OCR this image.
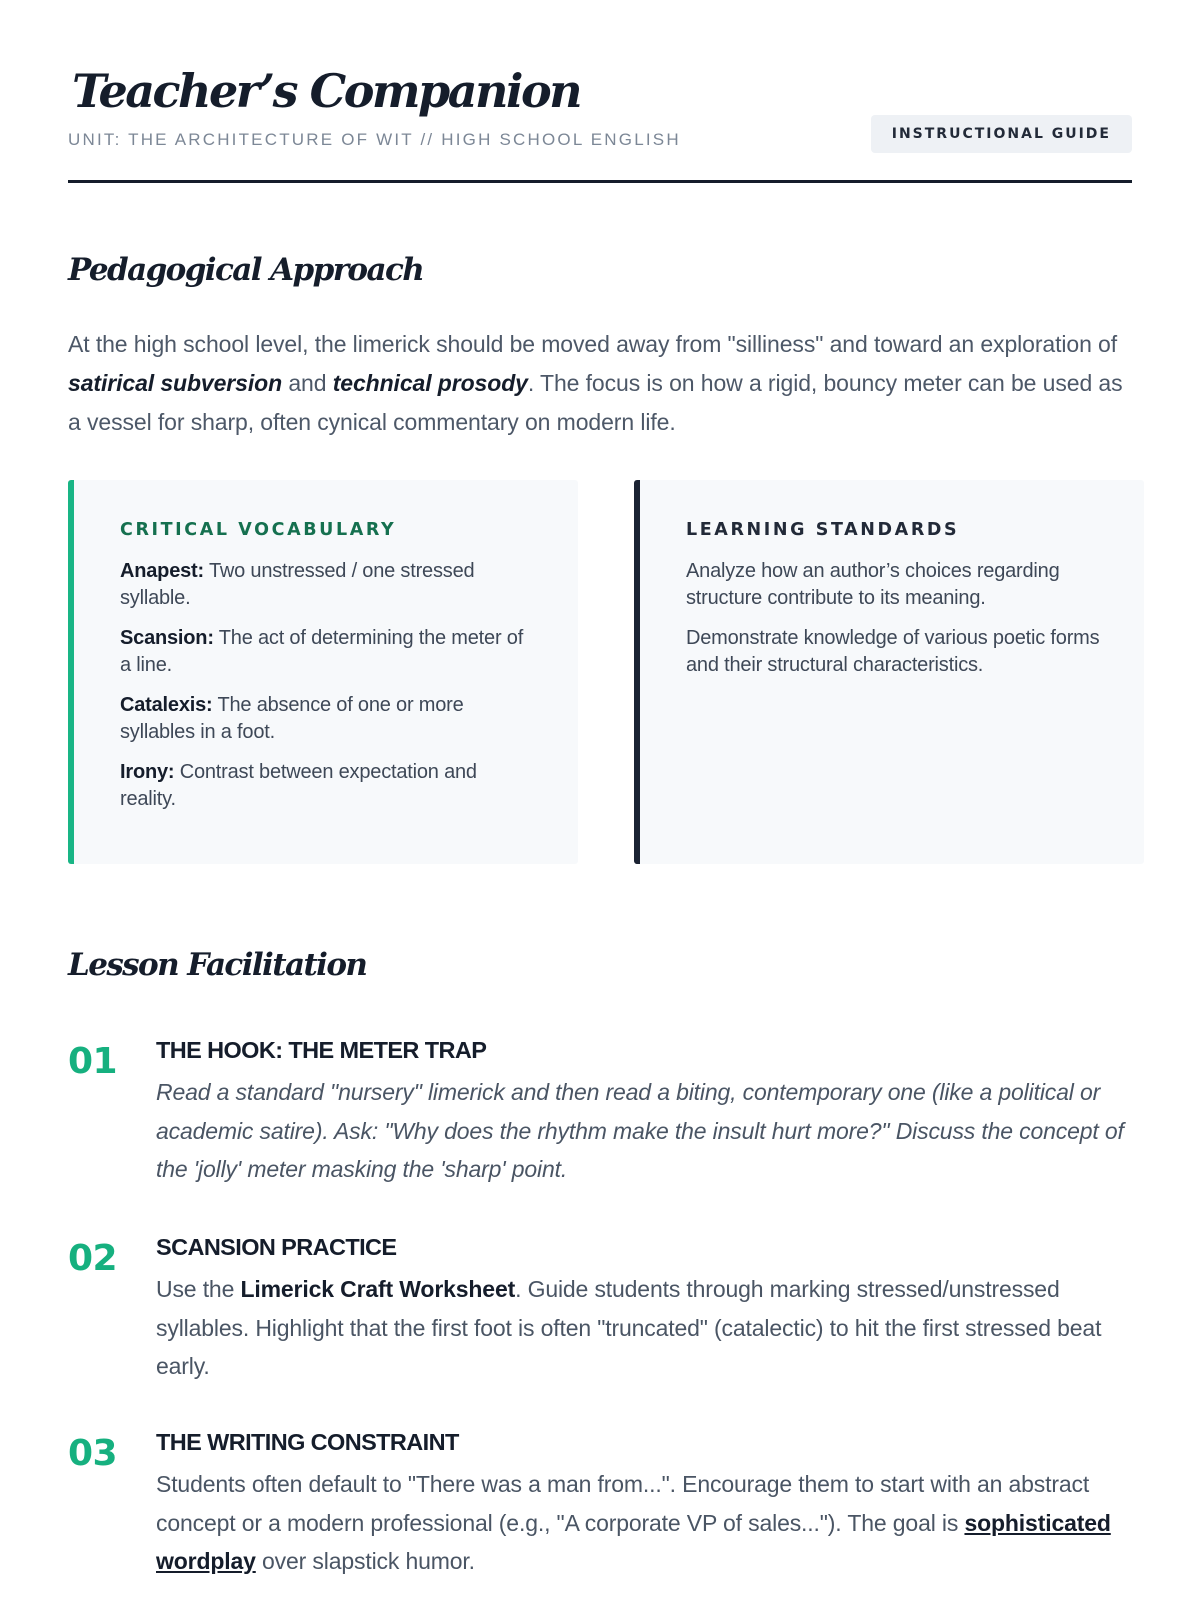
Teacher’s Companion
UNIT: THE ARCHITECTURE OF WIT // HIGH SCHOOL ENGLISH	INSTRUCTIONAL GUIDE
Pedagogical Approach

At the high school level, the limerick should be moved away from "silliness" and toward an exploration of satirical subversion and technical prosody. The focus is on how a rigid, bouncy meter can be used as a vessel for sharp, often cynical commentary on modern life.

CRITICAL VOCABULARY

Anapest: Two unstressed / one stressed syllable.

Scansion: The act of determining the meter of a line.

Catalexis: The absence of one or more syllables in a foot.

Irony: Contrast between expectation and reality.

LEARNING STANDARDS

Analyze how an author’s choices regarding structure contribute to its meaning.

Demonstrate knowledge of various poetic forms and their structural characteristics.

Lesson Facilitation
01 THE HOOK: THE METER TRAP

Read a standard "nursery" limerick and then read a biting, contemporary one (like a political or academic satire). Ask: "Why does the rhythm make the insult hurt more?" Discuss the concept of the 'jolly' meter masking the 'sharp' point.

02 SCANSION PRACTICE

Use the Limerick Craft Worksheet. Guide students through marking stressed/unstressed syllables. Highlight that the first foot is often "truncated" (catalectic) to hit the first stressed beat early.

03 THE WRITING CONSTRAINT

Students often default to "There was a man from...". Encourage them to start with an abstract concept or a modern professional (e.g., "A corporate VP of sales..."). The goal is sophisticated wordplay over slapstick humor.
